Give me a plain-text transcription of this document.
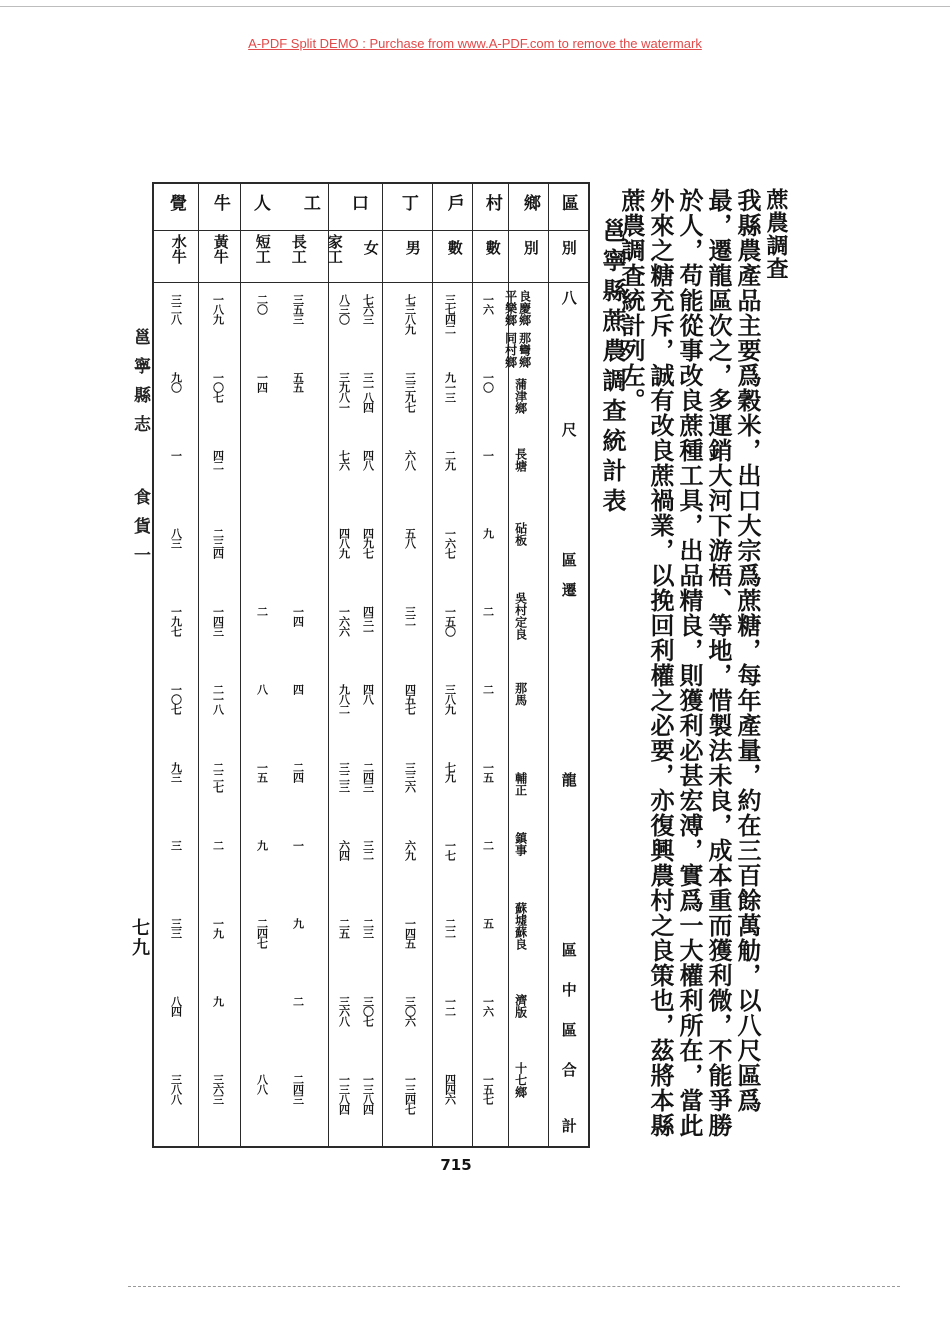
A-PDF Split DEMO : Purchase from www.A-PDF.com to remove the watermark
蔗農調査
我縣農產品主要爲穀米，出口大宗爲蔗糖，每年產量，約在三百餘萬觔，以八尺區爲最，遷龍區次之，多運銷大河下游梧、等地，惜製法未良，成本重而獲利微，不能爭勝於人，苟能從事改良蔗種工具，出品精良，則獲利必甚宏溥，實爲一大權利所在，當此外來之糖充斥，誠有改良蔗禍業，以挽回利權之必要，亦復興農村之良策也，茲將本縣蔗農調査統計列左。
邕寧縣蔗農調查統計表
區
鄉
村
戶
丁
口
工
人
牛
覺
別
別
數
數
男
女
家工
長工
短工
黃牛
水牛
八
尺
區
遷
龍
區
中
區
合
計
良慶鄉
平樂鄉
那彎鄉
同村鄉
蒲津鄉
長塘
砧板
吳村定良
那馬
輔正
鎮事
蘇墟蘇良
濟版
十七鄉
一六
三七四二
七三八九
七六三
八三〇
三五三
二〇
一八九
三二八
一〇
九一三
三三九七
三一八四
三九八一
五五
一四
一〇七
九〇
一
二九
六八
四八
七六
四二
一
九
一六七
五八
四九七
四八九
二三四
八三
二
一五〇
三二
四三一
一六六
一四
二
一四三
一九七
二
三八九
四五七
四八
九八二
四
八
二一八
一〇七
一五
七九
三三六
二四三
三二三
二四
一五
二二七
九三
二
一七
六九
三二
六四
一
九
二
三
五
二二
一四五
二三
二五
九
二四七
一九
三三
一六
一二
三〇六
三〇七
三六八
二
九
八四
一五七
四四六
一三四七
一三八四
一三八四
二四三
八八
三六三
三八八
邕寧縣志
食貨一
七九
715
